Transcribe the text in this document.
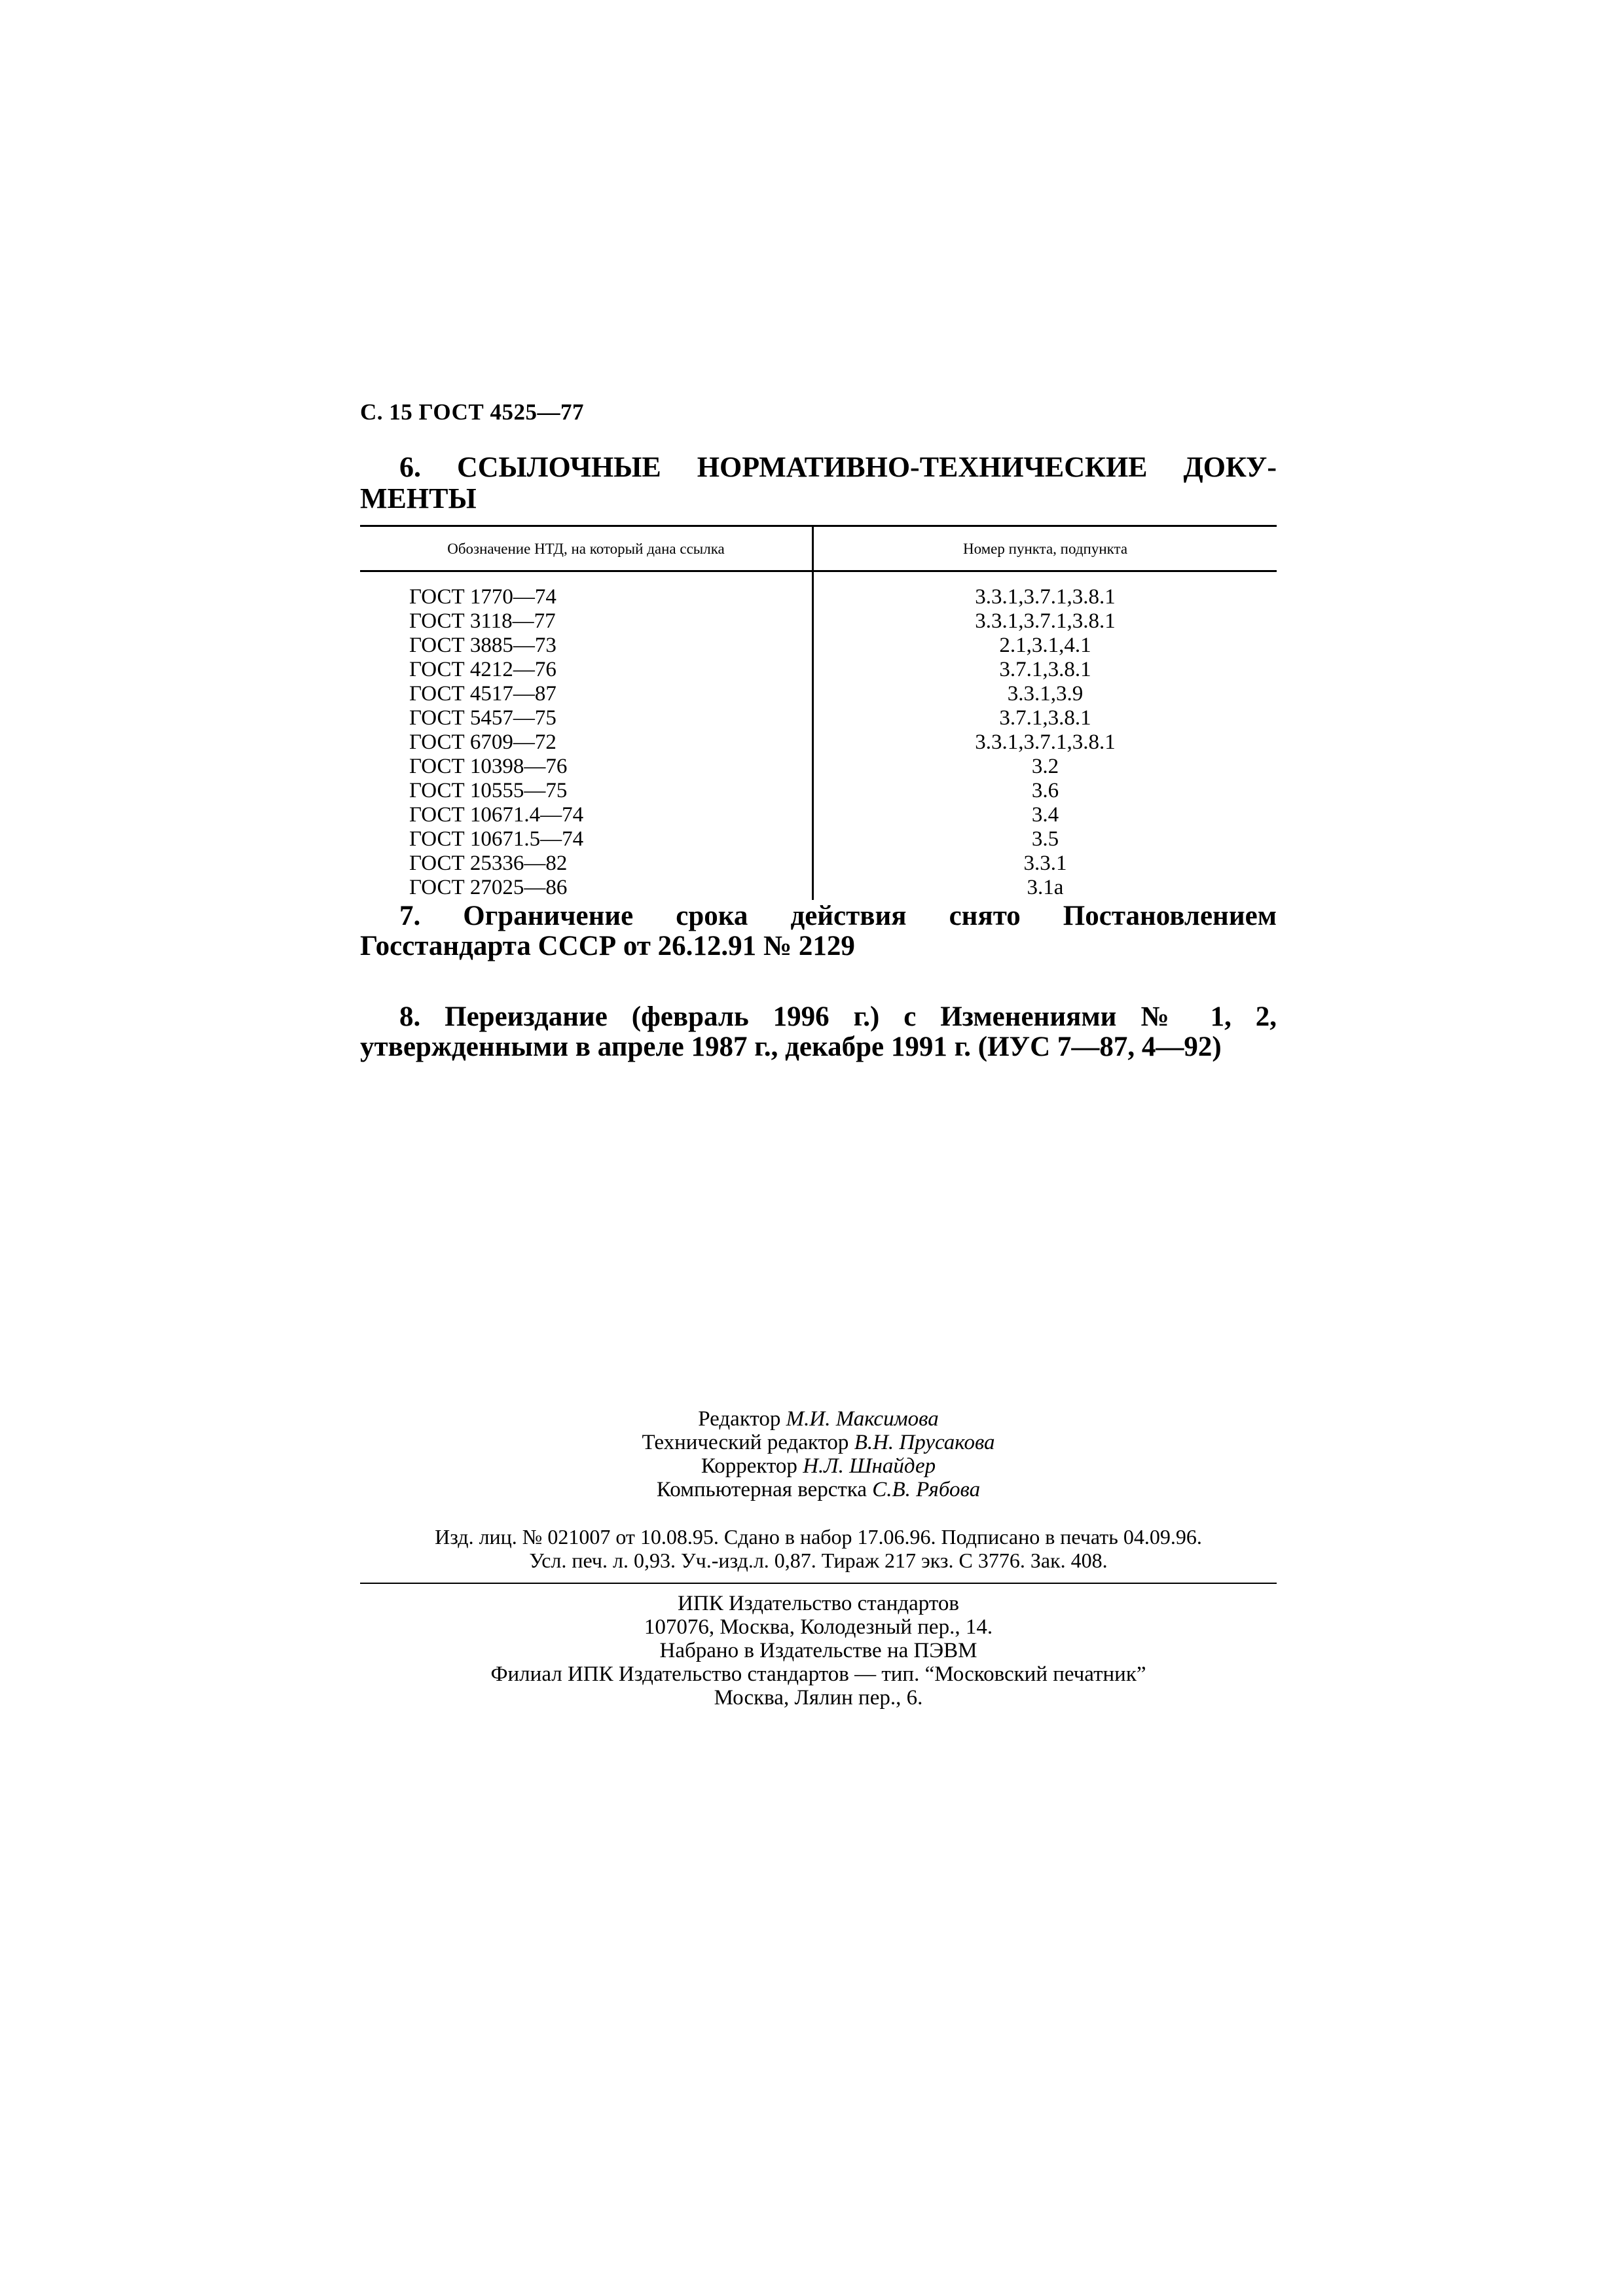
С. 15 ГОСТ 4525—77

6. ССЫЛОЧНЫЕ НОРМАТИВНО-ТЕХНИЧЕСКИЕ ДОКУ-
МЕНТЫ
Обозначение НТД, на который дана ссылка	Номер пункта, подпункта
ГОСТ 1770—74	3.3.1,3.7.1,3.8.1
ГОСТ 3118—77	3.3.1,3.7.1,3.8.1
ГОСТ 3885—73	2.1,3.1,4.1
ГОСТ 4212—76	3.7.1,3.8.1
ГОСТ 4517—87	3.3.1,3.9
ГОСТ 5457—75	3.7.1,3.8.1
ГОСТ 6709—72	3.3.1,3.7.1,3.8.1
ГОСТ 10398—76	3.2
ГОСТ 10555—75	3.6
ГОСТ 10671.4—74	3.4
ГОСТ 10671.5—74	3.5
ГОСТ 25336—82	3.3.1
ГОСТ 27025—86	3.1а

7. Ограничение срока действия снято Постановлением Госстандарта СССР от 26.12.91 № 2129

8. Переиздание (февраль 1996 г.) с Изменениями № 1, 2, утвержденными в апреле 1987 г., декабре 1991 г. (ИУС 7—87, 4—92)

Редактор М.И. Максимова
Технический редактор В.Н. Прусакова
Корректор Н.Л. Шнайдер
Компьютерная верстка С.В. Рябова
Изд. лиц. № 021007 от 10.08.95. Сдано в набор 17.06.96. Подписано в печать 04.09.96.
Усл. печ. л. 0,93. Уч.-изд.л. 0,87. Тираж 217 экз. С 3776. Зак. 408.
ИПК Издательство стандартов
107076, Москва, Колодезный пер., 14.
Набрано в Издательстве на ПЭВМ
Филиал ИПК Издательство стандартов — тип. “Московский печатник”
Москва, Лялин пер., 6.
